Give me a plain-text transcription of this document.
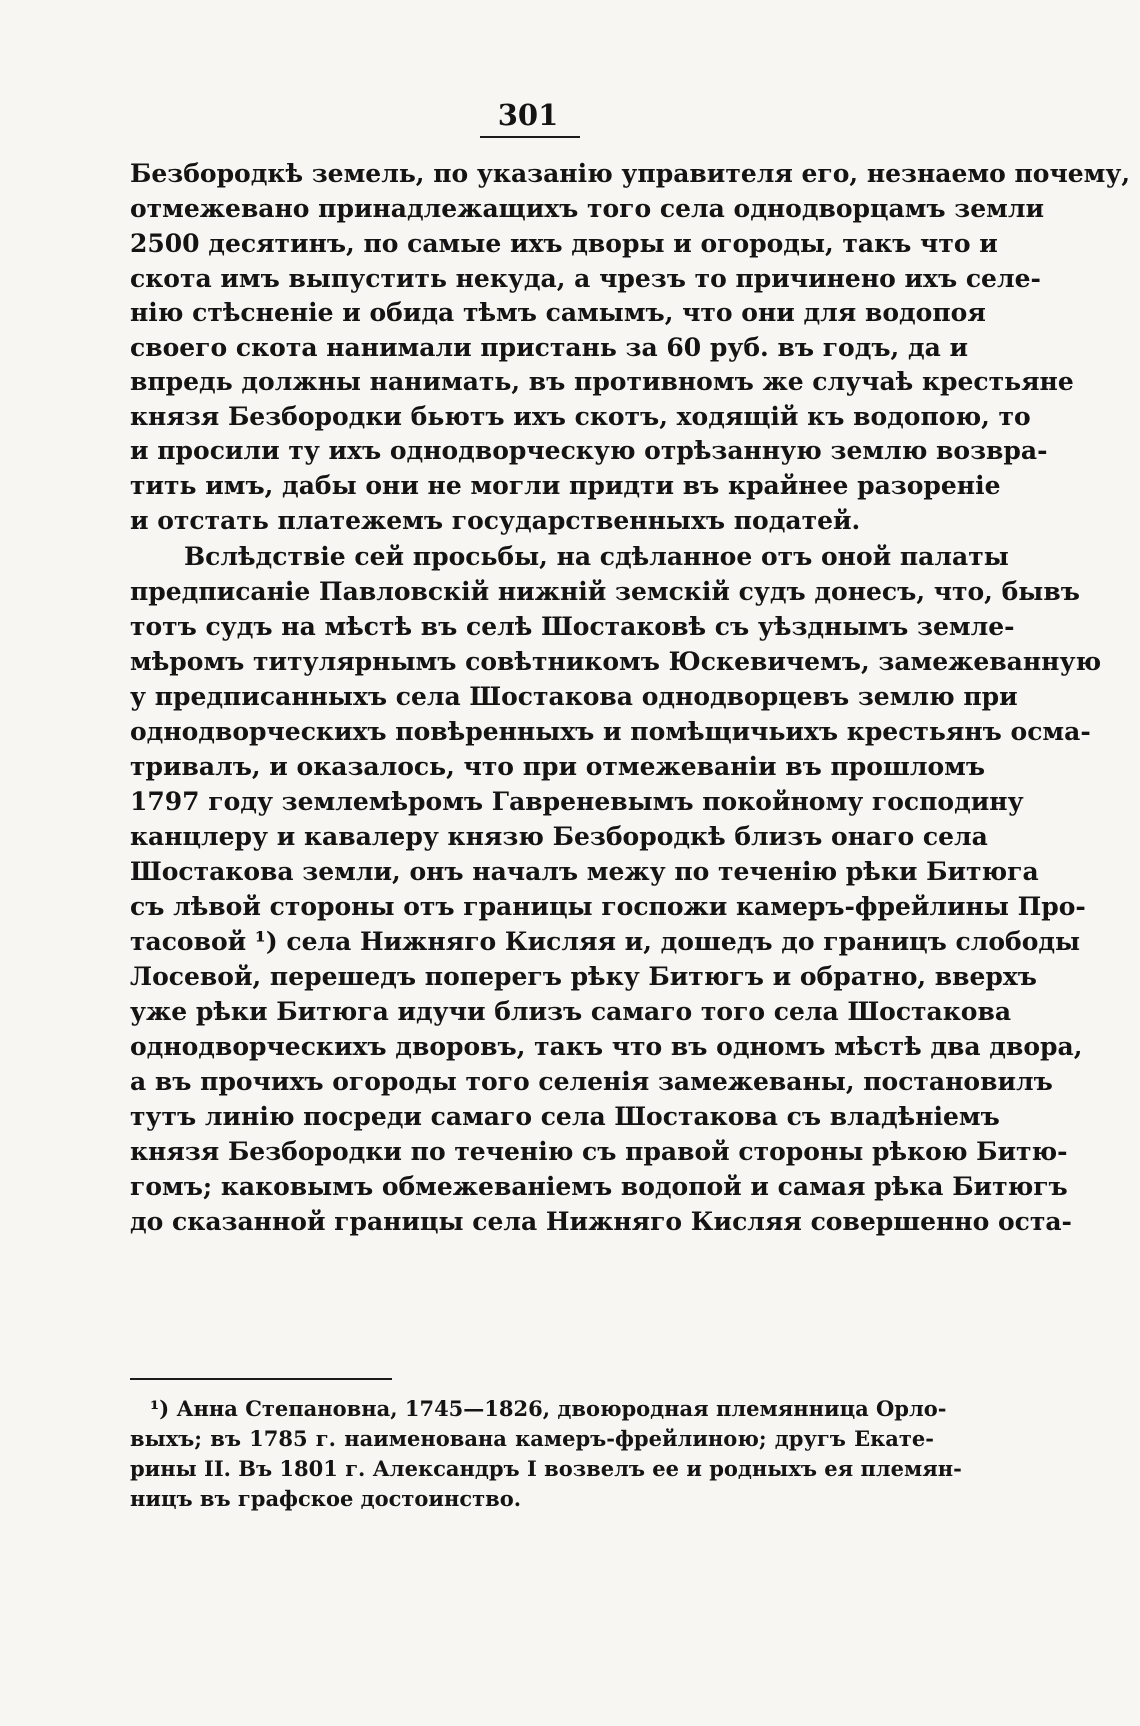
301
Безбородкѣ земель, по указанію управителя его, незнаемо почему,
отмежевано принадлежащихъ того села однодворцамъ земли
2500 десятинъ, по самые ихъ дворы и огороды, такъ что и
скота имъ выпустить некуда, а чрезъ то причинено ихъ селе-
нію стѣсненіе и обида тѣмъ самымъ, что они для водопоя
своего скота нанимали пристань за 60 руб. въ годъ, да и
впредь должны нанимать, въ противномъ же случаѣ крестьяне
князя Безбородки бьютъ ихъ скотъ, ходящій къ водопою, то
и просили ту ихъ однодворческую отрѣзанную землю возвра-
тить имъ, дабы они не могли придти въ крайнее разореніе
и отстать платежемъ государственныхъ податей.
Вслѣдствіе сей просьбы, на сдѣланное отъ оной палаты
предписаніе Павловскій нижній земскій судъ донесъ, что, бывъ
тотъ судъ на мѣстѣ въ селѣ Шостаковѣ съ уѣзднымъ земле-
мѣромъ титулярнымъ совѣтникомъ Юскевичемъ, замежеванную
у предписанныхъ села Шостакова однодворцевъ землю при
однодворческихъ повѣренныхъ и помѣщичьихъ крестьянъ осма-
тривалъ, и оказалось, что при отмежеваніи въ прошломъ
1797 году землемѣромъ Гавреневымъ покойному господину
канцлеру и кавалеру князю Безбородкѣ близъ онаго села
Шостакова земли, онъ началъ межу по теченію рѣки Битюга
съ лѣвой стороны отъ границы госпожи камеръ-фрейлины Про-
тасовой ¹) села Нижняго Кисляя и, дошедъ до границъ слободы
Лосевой, перешедъ поперегъ рѣку Битюгъ и обратно, вверхъ
уже рѣки Битюга идучи близъ самаго того села Шостакова
однодворческихъ дворовъ, такъ что въ одномъ мѣстѣ два двора,
а въ прочихъ огороды того селенія замежеваны, постановилъ
тутъ линію посреди самаго села Шостакова съ владѣніемъ
князя Безбородки по теченію съ правой стороны рѣкою Битю-
гомъ; каковымъ обмежеваніемъ водопой и самая рѣка Битюгъ
до сказанной границы села Нижняго Кисляя совершенно оста-
¹) Анна Степановна, 1745—1826, двоюродная племянница Орло-
выхъ; въ 1785 г. наименована камеръ-фрейлиною; другъ Екате-
рины II. Въ 1801 г. Александръ I возвелъ ее и родныхъ ея племян-
ницъ въ графское достоинство.
